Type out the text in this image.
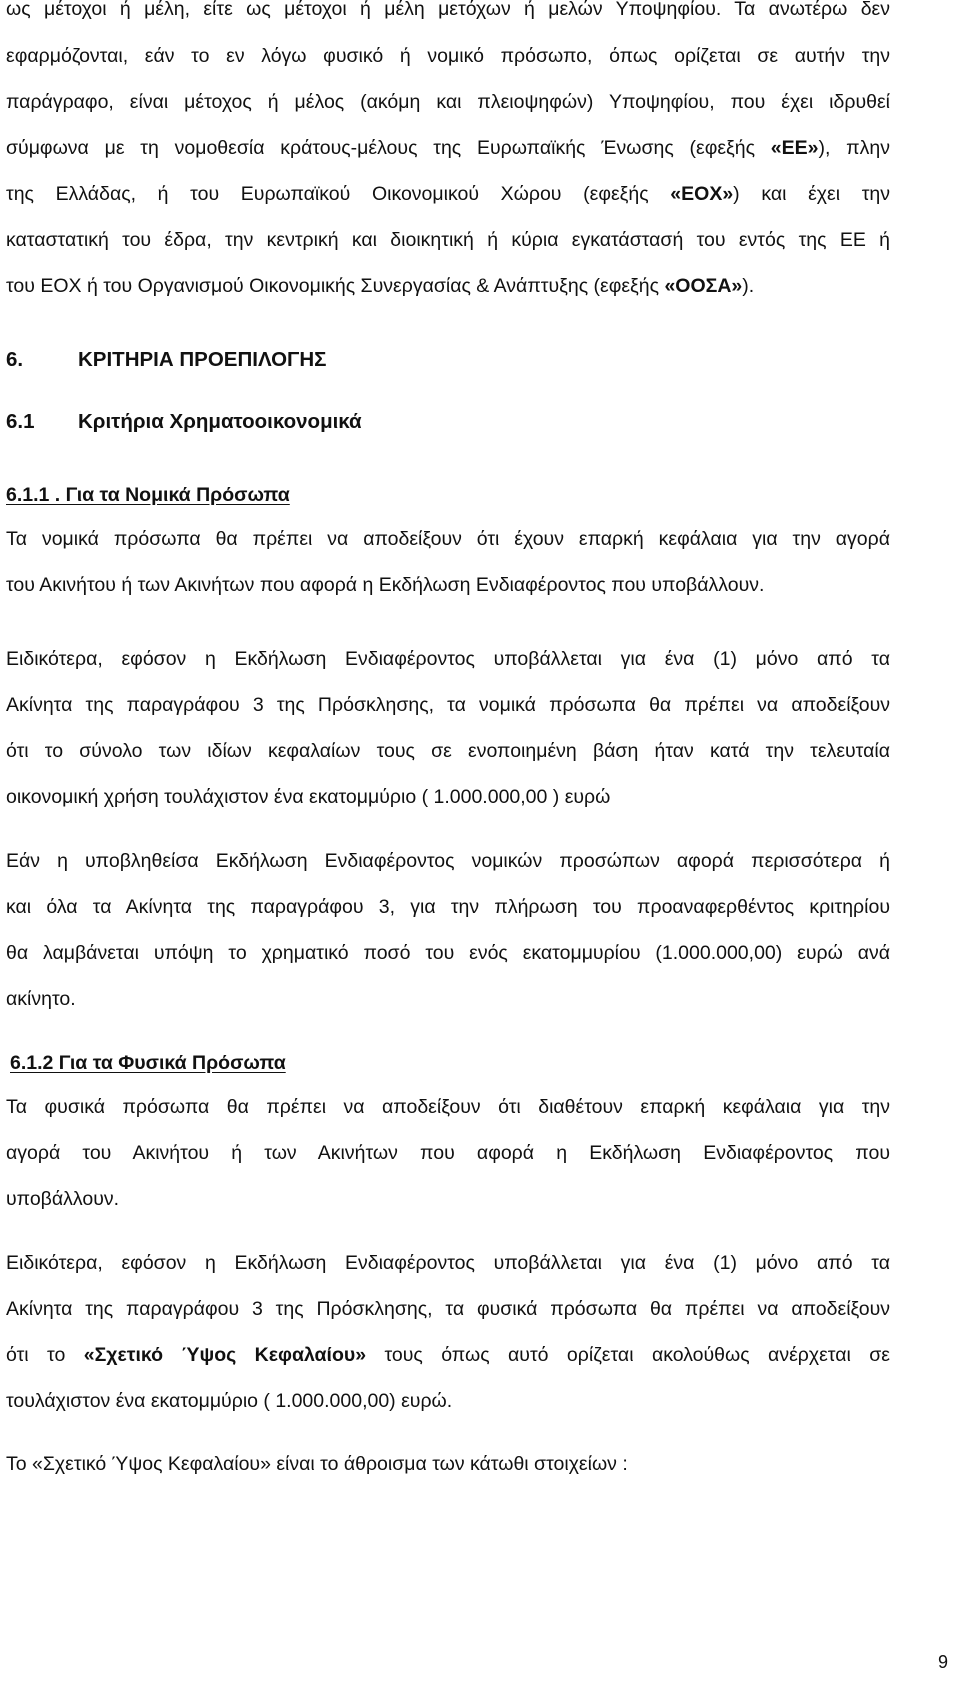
ως μέτοχοι ή μέλη, είτε ως μέτοχοι ή μέλη μετόχων ή μελών Υποψηφίου. Τα ανωτέρω δεν
εφαρμόζονται, εάν το εν λόγω φυσικό ή νομικό πρόσωπο, όπως ορίζεται σε αυτήν την
παράγραφο, είναι μέτοχος ή μέλος (ακόμη και πλειοψηφών) Υποψηφίου, που έχει ιδρυθεί
σύμφωνα με τη νομοθεσία κράτους-μέλους της Ευρωπαϊκής Ένωσης (εφεξής «ΕΕ»), πλην
της Ελλάδας, ή του Ευρωπαϊκού Οικονομικού Χώρου (εφεξής «ΕΟΧ») και έχει την
καταστατική του έδρα, την κεντρική και διοικητική ή κύρια εγκατάστασή του εντός της ΕΕ ή
του ΕΟΧ ή του Οργανισμού Οικονομικής Συνεργασίας & Ανάπτυξης (εφεξής «ΟΟΣΑ»).
6.	ΚΡΙΤΗΡΙΑ ΠΡΟΕΠΙΛΟΓΗΣ
6.1 Κριτήρια Χρηματοοικονομικά
6.1.1 . Για τα Νομικά Πρόσωπα
Τα νομικά πρόσωπα θα πρέπει να αποδείξουν ότι έχουν επαρκή κεφάλαια για την αγορά
του Ακινήτου ή των Ακινήτων που αφορά η Εκδήλωση Ενδιαφέροντος που υποβάλλουν.
Ειδικότερα, εφόσον η Εκδήλωση Ενδιαφέροντος υποβάλλεται για ένα (1) μόνο από τα
Ακίνητα της παραγράφου 3 της Πρόσκλησης, τα νομικά πρόσωπα θα πρέπει να αποδείξουν
ότι το σύνολο των ιδίων κεφαλαίων τους σε ενοποιημένη βάση ήταν κατά την τελευταία
οικονομική χρήση τουλάχιστον ένα εκατομμύριο ( 1.000.000,00 ) ευρώ
Εάν η υποβληθείσα Εκδήλωση Ενδιαφέροντος νομικών προσώπων αφορά περισσότερα ή
και όλα τα Ακίνητα της παραγράφου 3, για την πλήρωση του προαναφερθέντος κριτηρίου
θα λαμβάνεται υπόψη το χρηματικό ποσό του ενός εκατομμυρίου (1.000.000,00) ευρώ ανά
ακίνητο.
6.1.2 Για τα Φυσικά Πρόσωπα
Τα φυσικά πρόσωπα θα πρέπει να αποδείξουν ότι διαθέτουν επαρκή κεφάλαια για την
αγορά του Ακινήτου ή των Ακινήτων που αφορά η Εκδήλωση Ενδιαφέροντος που
υποβάλλουν.
Ειδικότερα, εφόσον η Εκδήλωση Ενδιαφέροντος υποβάλλεται για ένα (1) μόνο από τα
Ακίνητα της παραγράφου 3 της Πρόσκλησης, τα φυσικά πρόσωπα θα πρέπει να αποδείξουν
ότι το «Σχετικό Ύψος Κεφαλαίου» τους όπως αυτό ορίζεται ακολούθως ανέρχεται σε
τουλάχιστον ένα εκατομμύριο ( 1.000.000,00) ευρώ.
Το «Σχετικό Ύψος Κεφαλαίου» είναι το άθροισμα των κάτωθι στοιχείων :
9
